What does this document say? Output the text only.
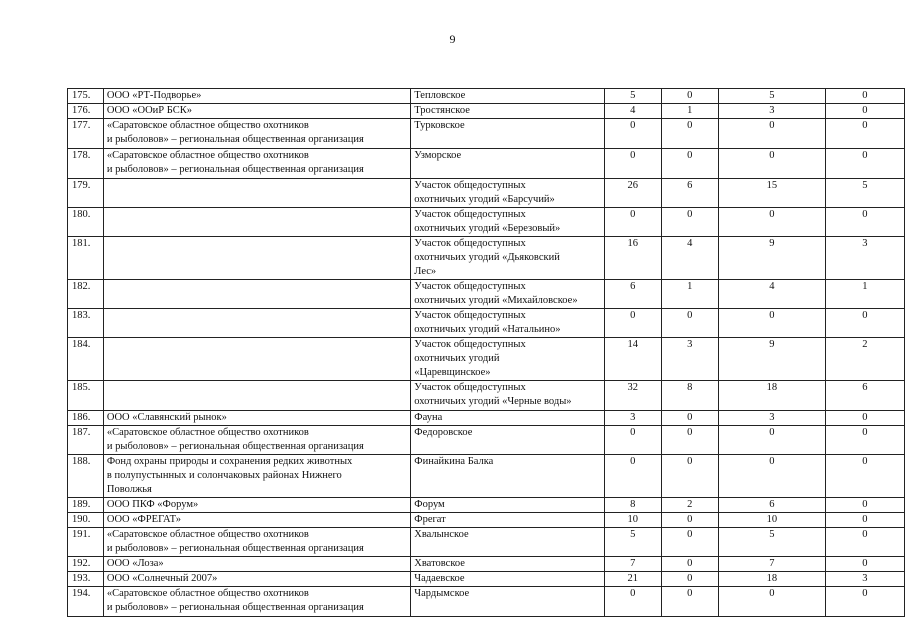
9
175.	ООО «РТ-Подворье»	Тепловское	5	0	5	0
176.	ООО «ООиР БСК»	Тростянское	4	1	3	0
177.	«Саратовское областное общество охотников
и рыболовов» – региональная общественная организация	Турковское	0	0	0	0
178.	«Саратовское областное общество охотников
и рыболовов» – региональная общественная организация	Узморское	0	0	0	0
179.		Участок общедоступных
охотничьих угодий «Барсучий»	26	6	15	5
180.		Участок общедоступных
охотничьих угодий «Березовый»	0	0	0	0
181.		Участок общедоступных
охотничьих угодий «Дьяковский
Лес»	16	4	9	3
182.		Участок общедоступных
охотничьих угодий «Михайловское»	6	1	4	1
183.		Участок общедоступных
охотничьих угодий «Натальино»	0	0	0	0
184.		Участок общедоступных
охотничьих угодий
«Царевщинское»	14	3	9	2
185.		Участок общедоступных
охотничьих угодий «Черные воды»	32	8	18	6
186.	ООО «Славянский рынок»	Фауна	3	0	3	0
187.	«Саратовское областное общество охотников
и рыболовов» – региональная общественная организация	Федоровское	0	0	0	0
188.	Фонд охраны природы и сохранения редких животных
в полупустынных и солончаковых районах Нижнего
Поволжья	Финайкина Балка	0	0	0	0
189.	ООО ПКФ «Форум»	Форум	8	2	6	0
190.	ООО «ФРЕГАТ»	Фрегат	10	0	10	0
191.	«Саратовское областное общество охотников
и рыболовов» – региональная общественная организация	Хвалынское	5	0	5	0
192.	ООО «Лоза»	Хватовское	7	0	7	0
193.	ООО «Солнечный 2007»	Чадаевское	21	0	18	3
194.	«Саратовское областное общество охотников
и рыболовов» – региональная общественная организация	Чардымское	0	0	0	0
